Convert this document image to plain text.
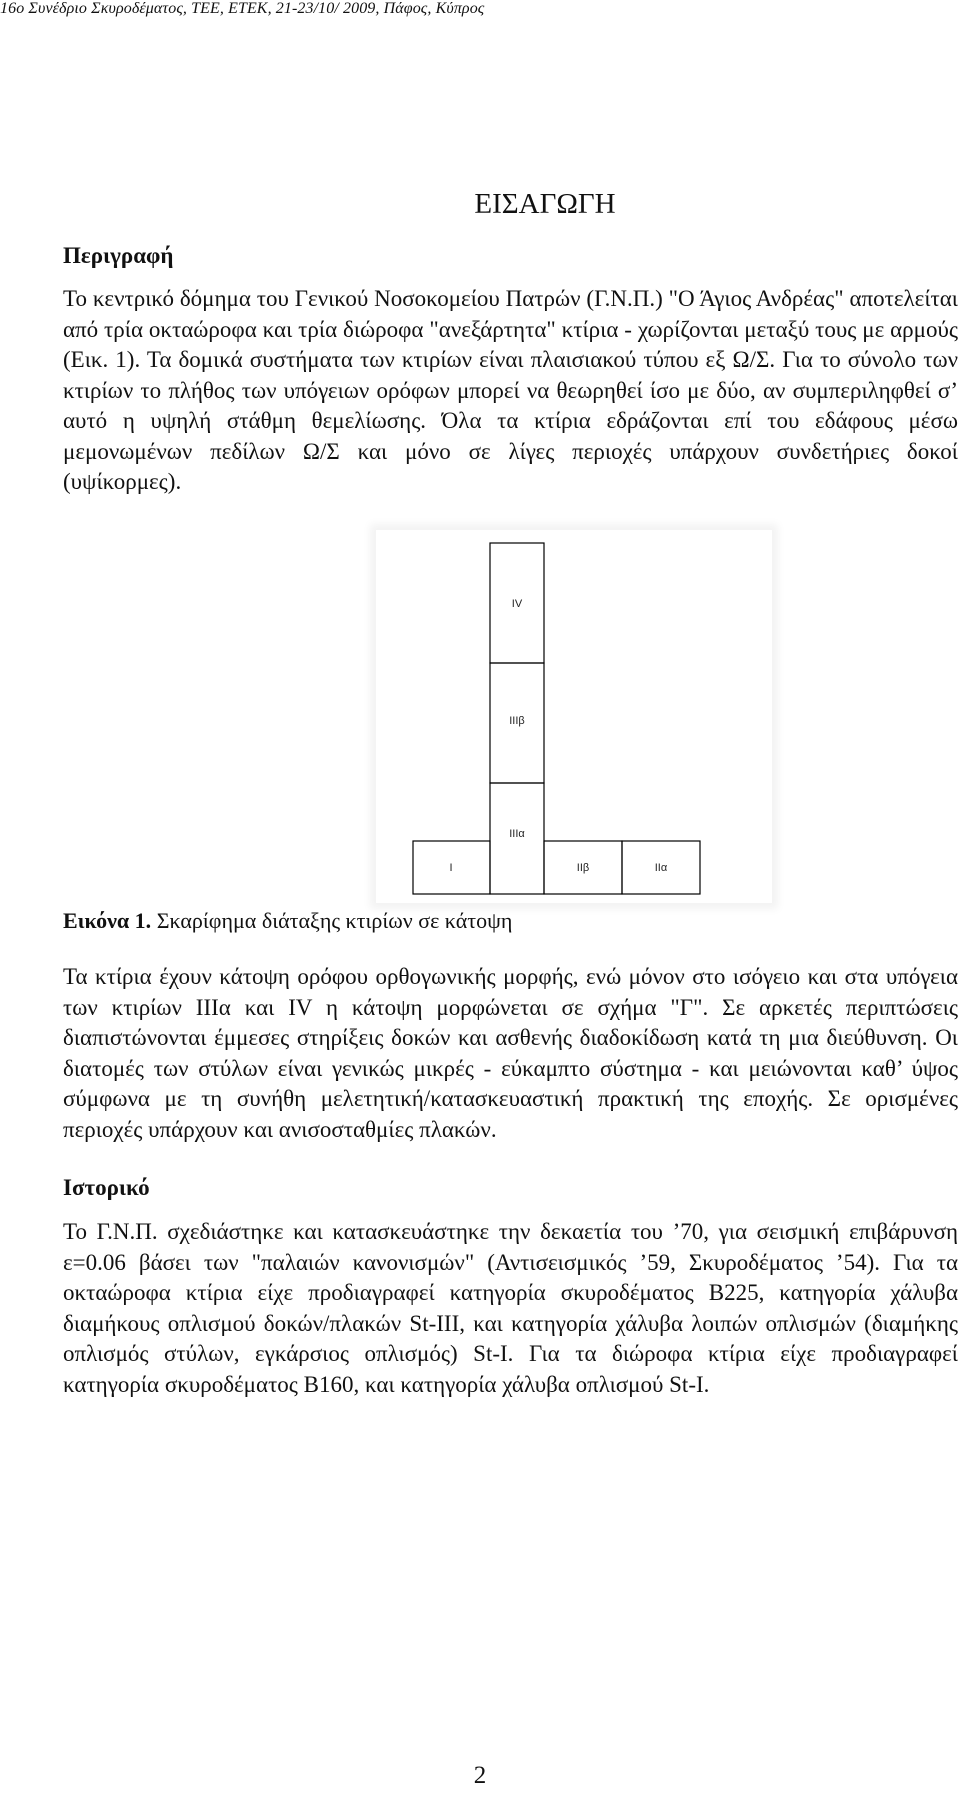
16ο Συνέδριο Σκυροδέματος, ΤΕΕ, ΕΤΕΚ, 21-23/10/ 2009, Πάφος, Κύπρος
ΕΙΣΑΓΩΓΗ
Περιγραφή
Το κεντρικό δόμημα του Γενικού Νοσοκομείου Πατρών (Γ.Ν.Π.) "Ο Άγιος Ανδρέας" αποτελείται από τρία οκταώροφα και τρία διώροφα "ανεξάρτητα" κτίρια - χωρίζονται μεταξύ τους με αρμούς (Εικ. 1). Τα δομικά συστήματα των κτιρίων είναι πλαισιακού τύπου εξ Ω/Σ. Για το σύνολο των κτιρίων το πλήθος των υπόγειων ορόφων μπορεί να θεωρηθεί ίσο με δύο, αν συμπεριληφθεί σ’ αυτό η υψηλή στάθμη θεμελίωσης. Όλα τα κτίρια εδράζονται επί του εδάφους μέσω μεμονωμένων πεδίλων Ω/Σ και μόνο σε λίγες περιοχές υπάρχουν συνδετήριες δοκοί (υψίκορμες).
IV
IIIβ
IIIα
I	IIβ	IIα
Εικόνα 1. Σκαρίφημα διάταξης κτιρίων σε κάτοψη
Τα κτίρια έχουν κάτοψη ορόφου ορθογωνικής μορφής, ενώ μόνον στο ισόγειο και στα υπόγεια των κτιρίων IIIα και IV η κάτοψη μορφώνεται σε σχήμα "Γ". Σε αρκετές περιπτώσεις διαπιστώνονται έμμεσες στηρίξεις δοκών και ασθενής διαδοκίδωση κατά τη μια διεύθυνση. Οι διατομές των στύλων είναι γενικώς μικρές - εύκαμπτο σύστημα - και μειώνονται καθ’ ύψος σύμφωνα με τη συνήθη μελετητική/κατασκευαστική πρακτική της εποχής. Σε ορισμένες περιοχές υπάρχουν και ανισοσταθμίες πλακών.
Ιστορικό
Το Γ.Ν.Π. σχεδιάστηκε και κατασκευάστηκε την δεκαετία του ’70, για σεισμική επιβάρυνση ε=0.06 βάσει των "παλαιών κανονισμών" (Αντισεισμικός ’59, Σκυροδέματος ’54). Για τα οκταώροφα κτίρια είχε προδιαγραφεί κατηγορία σκυροδέματος Β225, κατηγορία χάλυβα διαμήκους οπλισμού δοκών/πλακών St-III, και κατηγορία χάλυβα λοιπών οπλισμών (διαμήκης οπλισμός στύλων, εγκάρσιος οπλισμός) St-I. Για τα διώροφα κτίρια είχε προδιαγραφεί κατηγορία σκυροδέματος Β160, και κατηγορία χάλυβα οπλισμού St-I.
2
